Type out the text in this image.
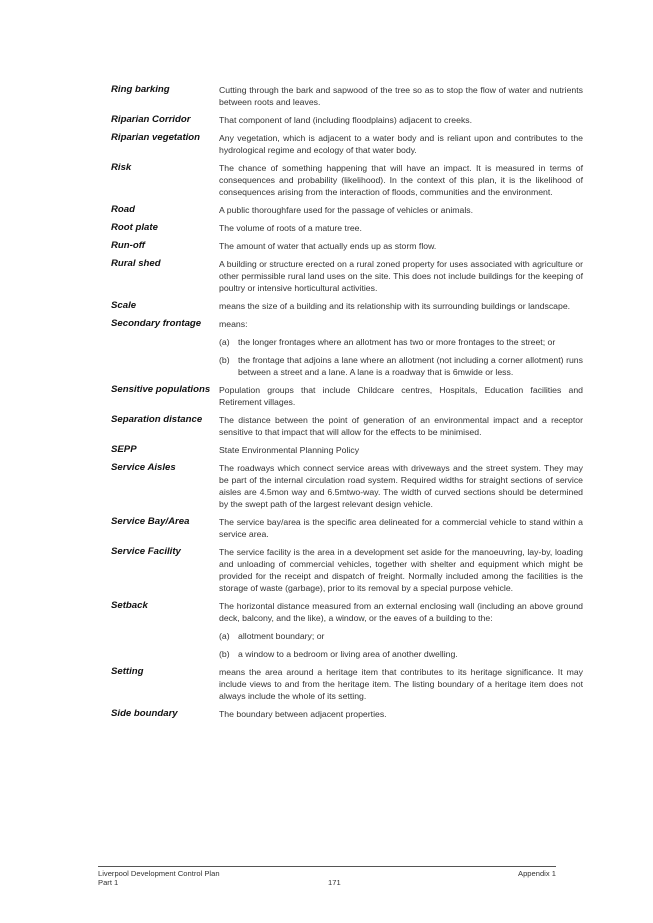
Ring barking	Cutting through the bark and sapwood of the tree so as to stop the flow of water and nutrients between roots and leaves.

Riparian Corridor	That component of land (including floodplains) adjacent to creeks.

Riparian vegetation	Any vegetation, which is adjacent to a water body and is reliant upon and contributes to the hydrological regime and ecology of that water body.

Risk	The chance of something happening that will have an impact. It is measured in terms of consequences and probability (likelihood). In the context of this plan, it is the likelihood of consequences arising from the interaction of floods, communities and the environment.

Road	A public thoroughfare used for the passage of vehicles or animals.

Root plate	The volume of roots of a mature tree.

Run-off	The amount of water that actually ends up as storm flow.

Rural shed	A building or structure erected on a rural zoned property for uses associated with agriculture or other permissible rural land uses on the site. This does not include buildings for the keeping of poultry or intensive horticultural activities.

Scale	means the size of a building and its relationship with its surrounding buildings or landscape.

Secondary frontage	means:

(a) the longer frontages where an allotment has two or more frontages to the street; or
(b) the frontage that adjoins a lane where an allotment (not including a corner allotment) runs between a street and a lane. A lane is a roadway that is 6mwide or less.
Sensitive populations	Population groups that include Childcare centres, Hospitals, Education facilities and Retirement villages.

Separation distance	The distance between the point of generation of an environmental impact and a receptor sensitive to that impact that will allow for the effects to be minimised.

SEPP	State Environmental Planning Policy

Service Aisles	The roadways which connect service areas with driveways and the street system. They may be part of the internal circulation road system. Required widths for straight sections of service aisles are 4.5mon way and 6.5mtwo-way. The width of curved sections should be determined by the swept path of the largest relevant design vehicle.

Service Bay/Area	The service bay/area is the specific area delineated for a commercial vehicle to stand within a service area.

Service Facility	The service facility is the area in a development set aside for the manoeuvring, lay-by, loading and unloading of commercial vehicles, together with shelter and equipment which might be provided for the receipt and dispatch of freight. Normally included among the facilities is the storage of waste (garbage), prior to its removal by a special purpose vehicle.

Setback	The horizontal distance measured from an external enclosing wall (including an above ground deck, balcony, and the like), a window, or the eaves of a building to the:

(a) allotment boundary; or
(b) a window to a bedroom or living area of another dwelling.
Setting	means the area around a heritage item that contributes to its heritage significance. It may include views to and from the heritage item. The listing boundary of a heritage item does not always include the whole of its setting.

Side boundary	The boundary between adjacent properties.

Liverpool Development Control Plan	Appendix 1
Part 1	171
